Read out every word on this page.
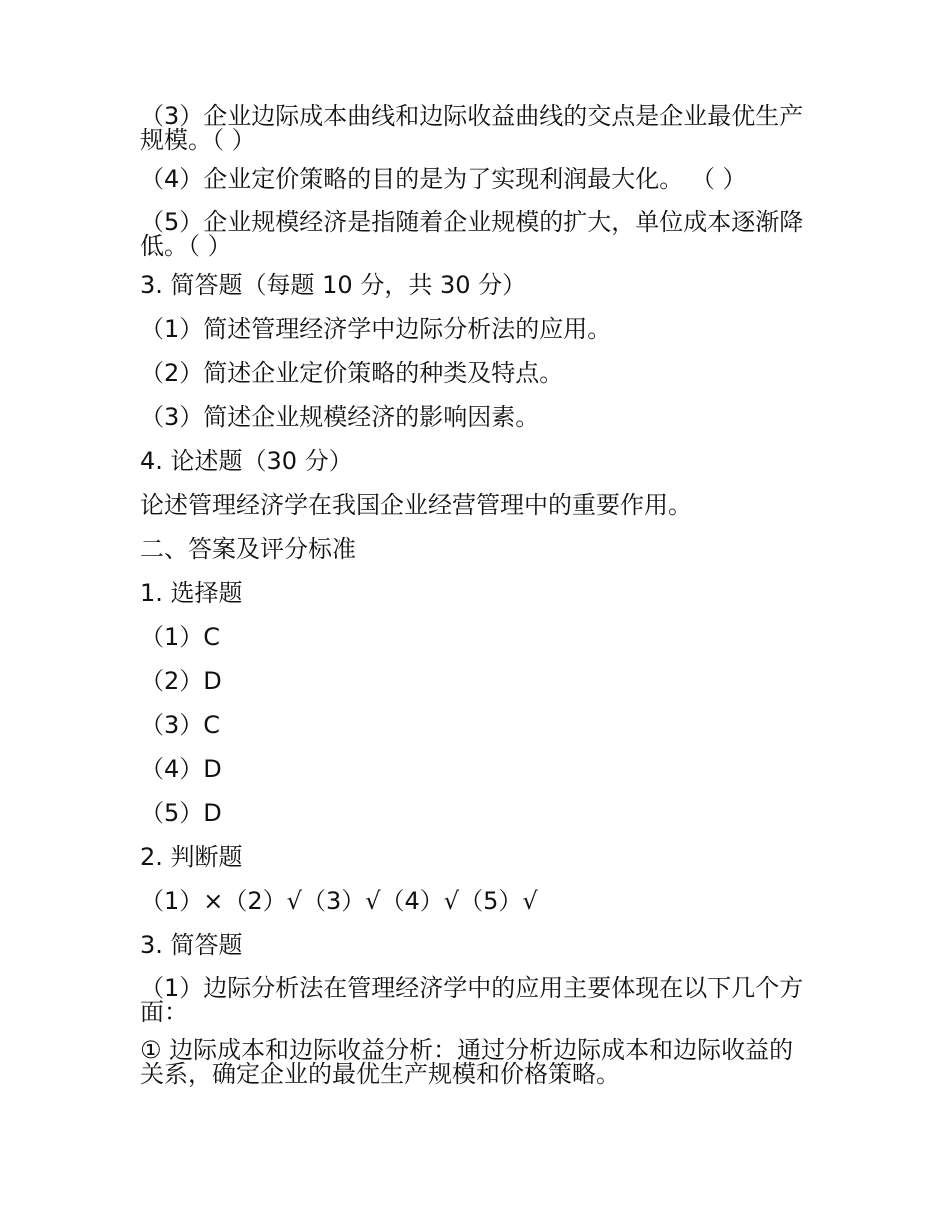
（3）企业边际成本曲线和边际收益曲线的交点是企业最优生产规模。（ ）

（4）企业定价策略的目的是为了实现利润最大化。 （ ）

（5）企业规模经济是指随着企业规模的扩大，单位成本逐渐降低。（ ）

3. 简答题（每题 10 分，共 30 分）

（1）简述管理经济学中边际分析法的应用。

（2）简述企业定价策略的种类及特点。

（3）简述企业规模经济的影响因素。

4. 论述题（30 分）

论述管理经济学在我国企业经营管理中的重要作用。

二、答案及评分标准

1. 选择题

（1）C

（2）D

（3）C

（4）D

（5）D

2. 判断题

（1）×（2）√（3）√（4）√（5）√

3. 简答题

（1）边际分析法在管理经济学中的应用主要体现在以下几个方面：

① 边际成本和边际收益分析：通过分析边际成本和边际收益的关系，确定企业的最优生产规模和价格策略。
